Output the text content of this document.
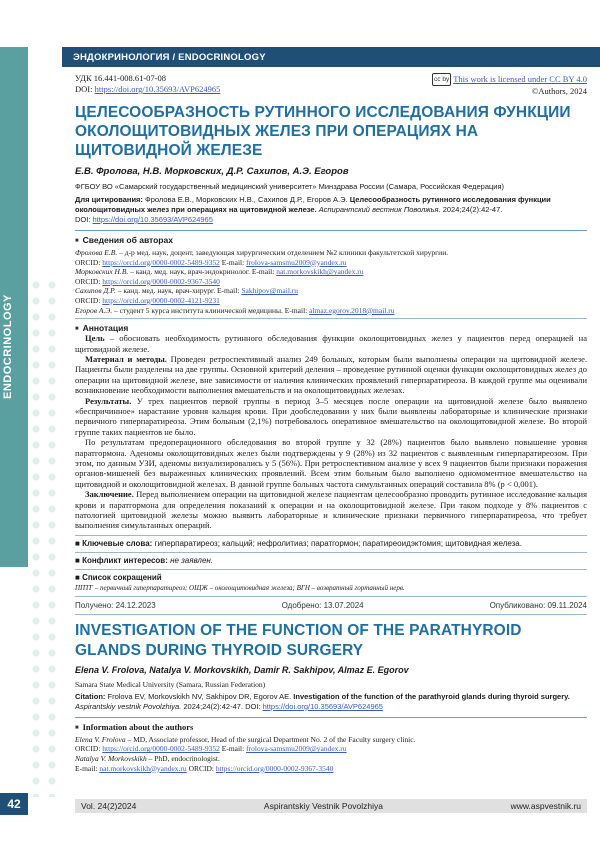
ЭНДОКРИНОЛОГИЯ / ENDOCRINOLOGY
ENDOCRINOLOGY
42
УДК 16.441-008.61-07-08
DOI: https://doi.org/10.35693/AVP624965
cc by This work is licensed under CC BY 4.0
©Authors, 2024
ЦЕЛЕСООБРАЗНОСТЬ РУТИННОГО ИССЛЕДОВАНИЯ ФУНКЦИИ ОКОЛОЩИТОВИДНЫХ ЖЕЛЕЗ ПРИ ОПЕРАЦИЯХ НА ЩИТОВИДНОЙ ЖЕЛЕЗЕ
Е.В. Фролова, Н.В. Морковских, Д.Р. Сахипов, А.Э. Егоров
ФГБОУ ВО «Самарский государственный медицинский университет» Минздрава России (Самара, Российская Федерация)
Для цитирования: Фролова Е.В., Морковских Н.В., Сахипов Д.Р., Егоров А.Э. Целесообразность рутинного исследования функции околощитовидных желез при операциях на щитовидной железе. Аспирантский вестник Поволжья. 2024;24(2):42-47.
DOI: https://doi.org/10.35693/AVP624965
■ Сведения об авторах
Фролова Е.В. – д-р мед. наук, доцент, заведующая хирургическим отделением №2 клиники факультетской хирургии.
ORCID: https://orcid.org/0000-0002-5489-9352 E-mail: frolova-samsmu2009@yandex.ru
Морковских Н.В. – канд. мед. наук, врач-эндокринолог. E-mail: nat.morkovskikh@yandex.ru
ORCID: https://orcid.org/0000-0002-9367-3540
Сахипов Д.Р. – канд. мед. наук, врач-хирург. E-mail: Sakhipov@mail.ru
ORCID: https://orcid.org/0000-0002-4121-9231
Егоров А.Э. – студент 5 курса института клинической медицины. E-mail: almaz.egorov.2018@mail.ru
■ Аннотация

Цель – обосновать необходимость рутинного обследования функции околощитовидных желез у пациентов перед операцией на щитовидной железе.

Материал и методы. Проведен ретроспективный анализ 249 больных, которым были выполнены операции на щитовидной железе. Пациенты были разделены на две группы. Основной критерий деления – проведение рутинной оценки функции околощитовидных желез до операции на щитовидной железе, вне зависимости от наличия клинических проявлений гиперпаратиреоза. В каждой группе мы оценивали возникновение необходимости выполнения вмешательств и на околощитовидных железах.

Результаты. У трех пациентов первой группы в период 3–5 месяцев после операции на щитовидной железе было выявлено «беспричинное» нарастание уровня кальция крови. При дообследовании у них были выявлены лабораторные и клинические признаки первичного гиперпаратиреоза. Этим больным (2,1%) потребовалось оперативное вмешательство на околощитовидной железе. Во второй группе таких пациентов не было.

По результатам предоперационного обследования во второй группе у 32 (28%) пациентов было выявлено повышение уровня паратгормона. Аденомы околощитовидных желез были подтверждены у 9 (28%) из 32 пациентов с выявленным гиперпаратиреозом. При этом, по данным УЗИ, аденомы визуализировались у 5 (56%). При ретроспективном анализе у всех 9 пациентов были признаки поражения органов-мишеней без выраженных клинических проявлений. Всем этим больным было выполнено одномоментное вмешательство на щитовидной и околощитовидной железах. В данной группе больных частота симультанных операций составила 8% (p < 0,001).

Заключение. Перед выполнением операции на щитовидной железе пациентам целесообразно проводить рутинное исследование кальция крови и паратгормона для определения показаний к операции и на околощитовидной железе. При таком подходе у 8% пациентов с патологией щитовидной железы можно выявить лабораторные и клинические признаки первичного гиперпаратиреоза, что требует выполнения симультанных операций.

■ Ключевые слова: гиперпаратиреоз; кальций; нефролитиаз; паратгормон; паратиреоидэктомия; щитовидная железа.
■ Конфликт интересов: не заявлен.
■ Список сокращений
ППТГ – первичный гиперпаратиреоз; ОЩЖ – околощитовидная железа; ВГН – возвратный гортанный нерв.
Получено: 24.12.2023	Одобрено: 13.07.2024	Опубликовано: 09.11.2024
INVESTIGATION OF THE FUNCTION OF THE PARATHYROID GLANDS DURING THYROID SURGERY
Elena V. Frolova, Natalya V. Morkovskikh, Damir R. Sakhipov, Almaz E. Egorov
Samara State Medical University (Samara, Russian Federation)
Citation: Frolova EV, Morkovskikh NV, Sakhipov DR, Egorov AE. Investigation of the function of the parathyroid glands during thyroid surgery. Aspirantskiy vestnik Povolzhiya. 2024;24(2):42-47. DOI: https://doi.org/10.35693/AVP624965
■ Information about the authors
Elena V. Frolova – MD, Associate professor, Head of the surgical Department No. 2 of the Faculty surgery clinic.
ORCID: https://orcid.org/0000-0002-5489-9352 E-mail: frolova-samsmu2009@yandex.ru
Natalya V. Morkovskikh – PhD, endocrinologist.
E-mail: nat.morkovskikh@yandex.ru ORCID: https://orcid.org/0000-0002-9367-3540
Vol. 24(2)2024	Aspirantskiy Vestnik Povolzhiya	www.aspvestnik.ru
